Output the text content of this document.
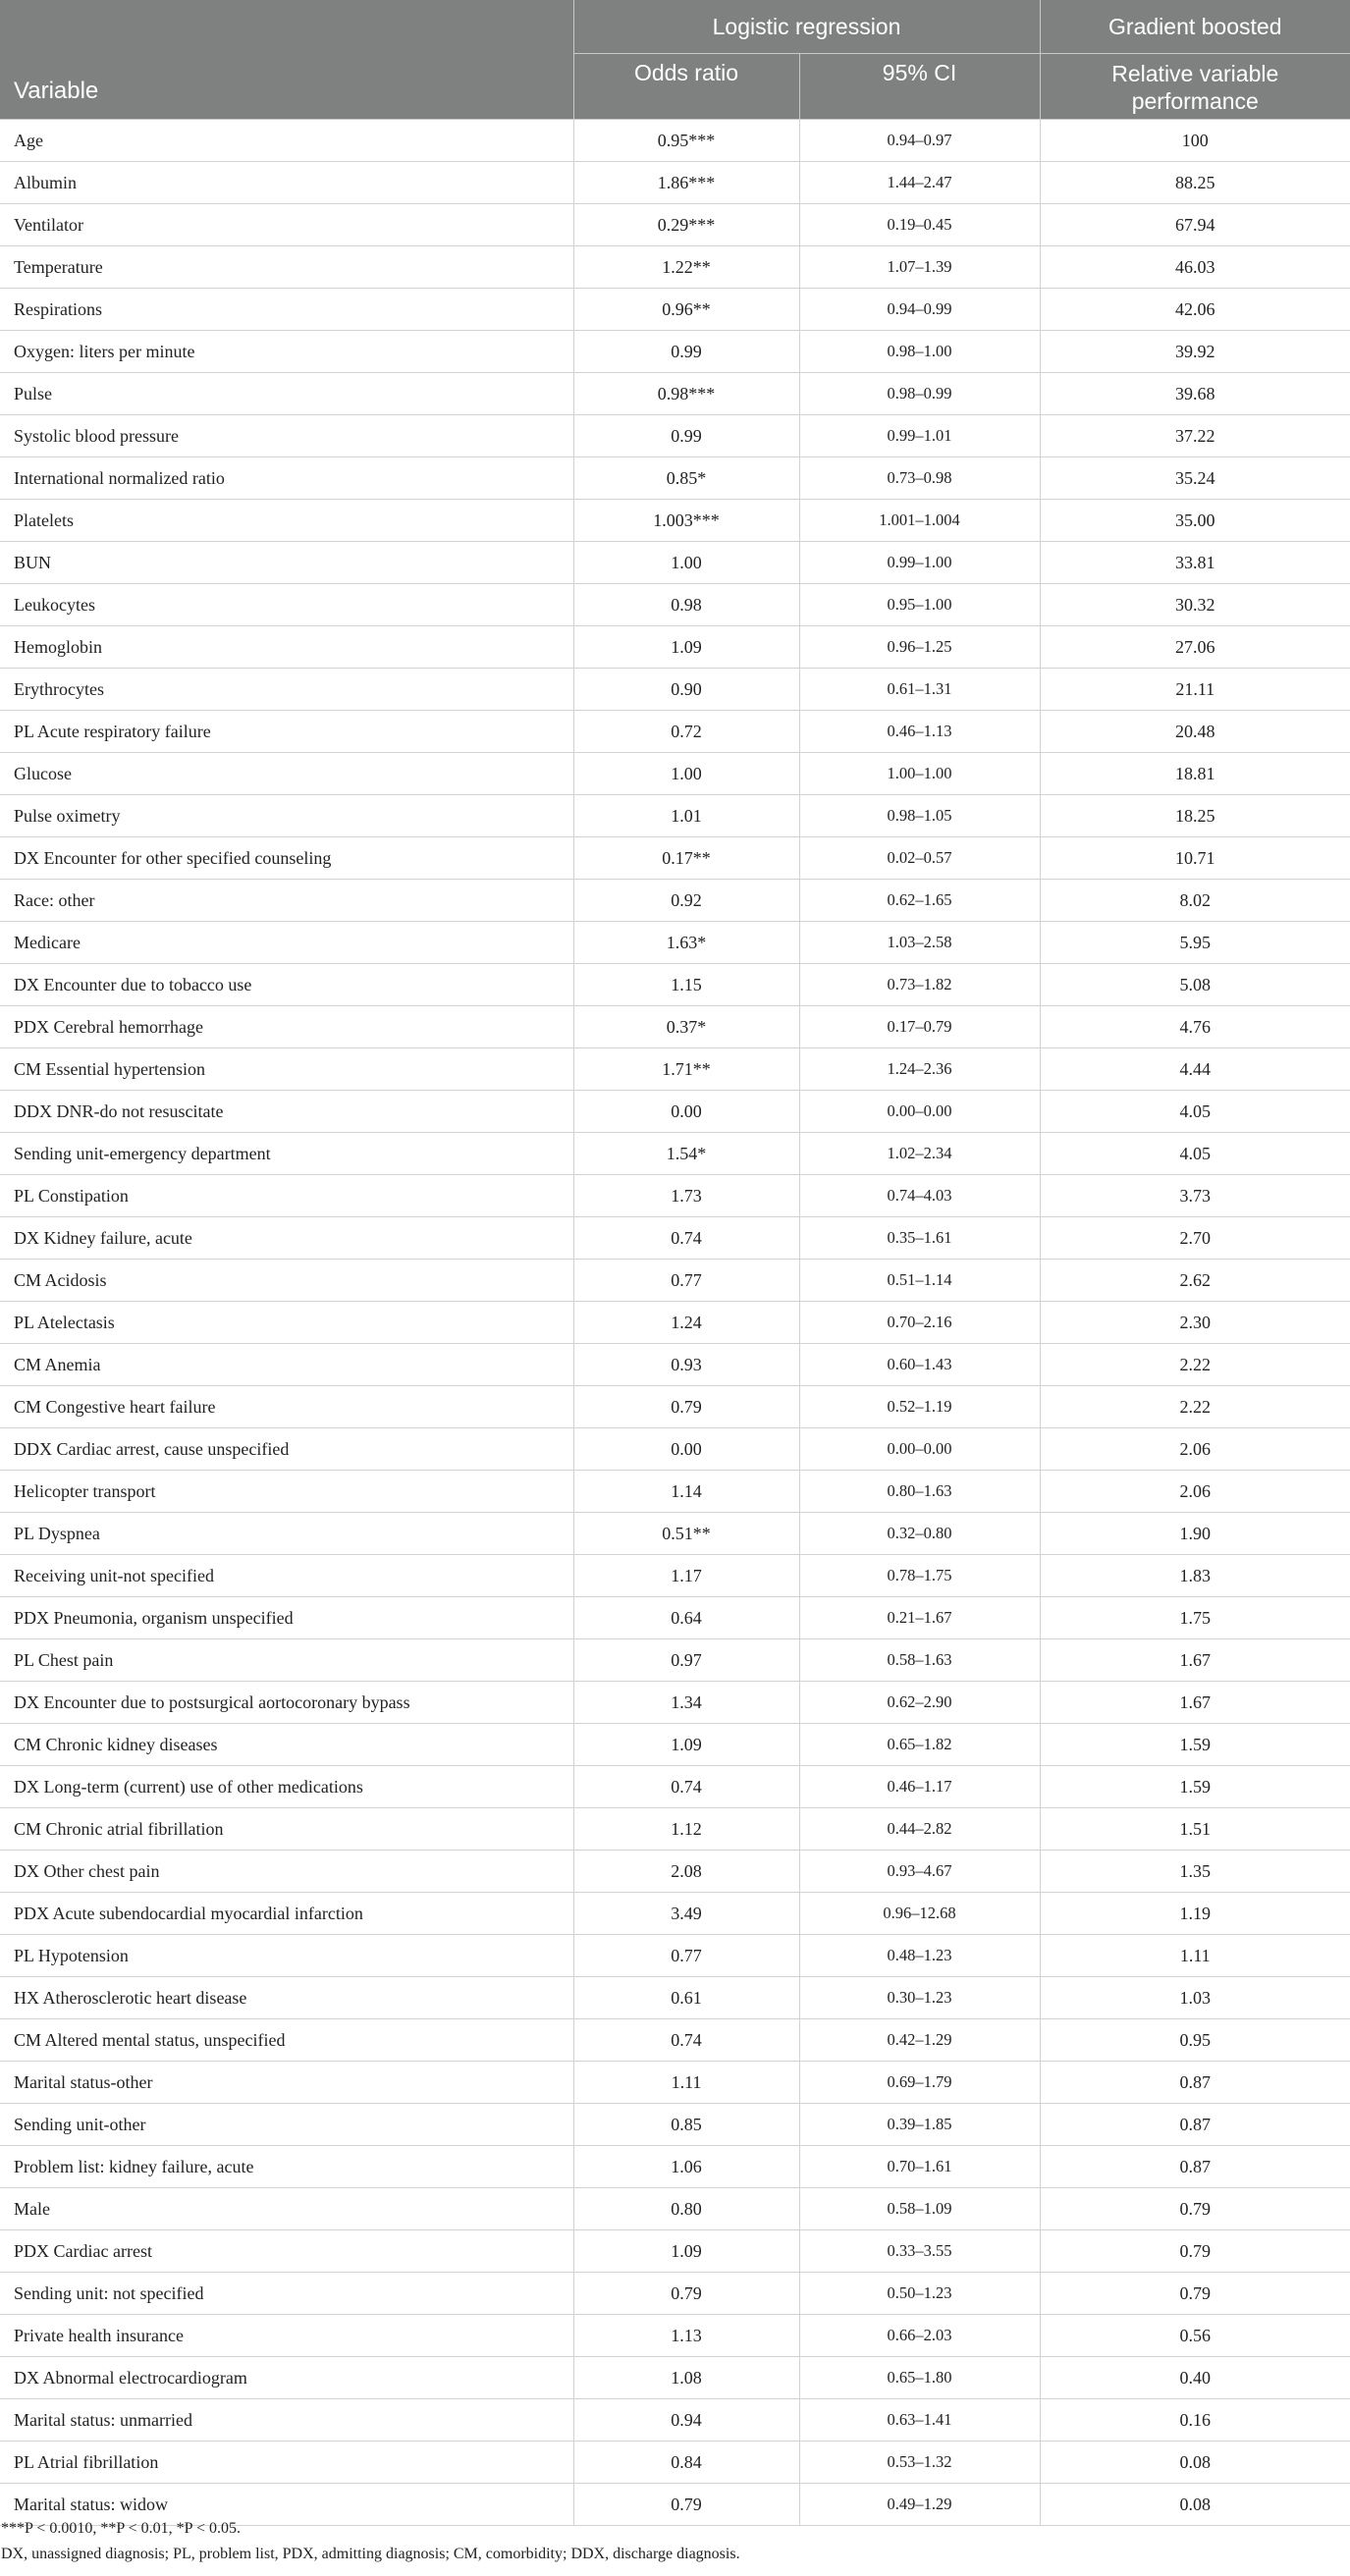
Variable	Logistic regression		Gradient boosted
	Odds ratio	95% CI	Relative variable
performance
Age	0.95***	0.94–0.97	100
Albumin	1.86***	1.44–2.47	88.25
Ventilator	0.29***	0.19–0.45	67.94
Temperature	1.22**	1.07–1.39	46.03
Respirations	0.96**	0.94–0.99	42.06
Oxygen: liters per minute	0.99	0.98–1.00	39.92
Pulse	0.98***	0.98–0.99	39.68
Systolic blood pressure	0.99	0.99–1.01	37.22
International normalized ratio	0.85*	0.73–0.98	35.24
Platelets	1.003***	1.001–1.004	35.00
BUN	1.00	0.99–1.00	33.81
Leukocytes	0.98	0.95–1.00	30.32
Hemoglobin	1.09	0.96–1.25	27.06
Erythrocytes	0.90	0.61–1.31	21.11
PL Acute respiratory failure	0.72	0.46–1.13	20.48
Glucose	1.00	1.00–1.00	18.81
Pulse oximetry	1.01	0.98–1.05	18.25
DX Encounter for other specified counseling	0.17**	0.02–0.57	10.71
Race: other	0.92	0.62–1.65	8.02
Medicare	1.63*	1.03–2.58	5.95
DX Encounter due to tobacco use	1.15	0.73–1.82	5.08
PDX Cerebral hemorrhage	0.37*	0.17–0.79	4.76
CM Essential hypertension	1.71**	1.24–2.36	4.44
DDX DNR-do not resuscitate	0.00	0.00–0.00	4.05
Sending unit-emergency department	1.54*	1.02–2.34	4.05
PL Constipation	1.73	0.74–4.03	3.73
DX Kidney failure, acute	0.74	0.35–1.61	2.70
CM Acidosis	0.77	0.51–1.14	2.62
PL Atelectasis	1.24	0.70–2.16	2.30
CM Anemia	0.93	0.60–1.43	2.22
CM Congestive heart failure	0.79	0.52–1.19	2.22
DDX Cardiac arrest, cause unspecified	0.00	0.00–0.00	2.06
Helicopter transport	1.14	0.80–1.63	2.06
PL Dyspnea	0.51**	0.32–0.80	1.90
Receiving unit-not specified	1.17	0.78–1.75	1.83
PDX Pneumonia, organism unspecified	0.64	0.21–1.67	1.75
PL Chest pain	0.97	0.58–1.63	1.67
DX Encounter due to postsurgical aortocoronary bypass	1.34	0.62–2.90	1.67
CM Chronic kidney diseases	1.09	0.65–1.82	1.59
DX Long-term (current) use of other medications	0.74	0.46–1.17	1.59
CM Chronic atrial fibrillation	1.12	0.44–2.82	1.51
DX Other chest pain	2.08	0.93–4.67	1.35
PDX Acute subendocardial myocardial infarction	3.49	0.96–12.68	1.19
PL Hypotension	0.77	0.48–1.23	1.11
HX Atherosclerotic heart disease	0.61	0.30–1.23	1.03
CM Altered mental status, unspecified	0.74	0.42–1.29	0.95
Marital status-other	1.11	0.69–1.79	0.87
Sending unit-other	0.85	0.39–1.85	0.87
Problem list: kidney failure, acute	1.06	0.70–1.61	0.87
Male	0.80	0.58–1.09	0.79
PDX Cardiac arrest	1.09	0.33–3.55	0.79
Sending unit: not specified	0.79	0.50–1.23	0.79
Private health insurance	1.13	0.66–2.03	0.56
DX Abnormal electrocardiogram	1.08	0.65–1.80	0.40
Marital status: unmarried	0.94	0.63–1.41	0.16
PL Atrial fibrillation	0.84	0.53–1.32	0.08
Marital status: widow	0.79	0.49–1.29	0.08
***P < 0.0010, **P < 0.01, *P < 0.05.
DX, unassigned diagnosis; PL, problem list, PDX, admitting diagnosis; CM, comorbidity; DDX, discharge diagnosis.
